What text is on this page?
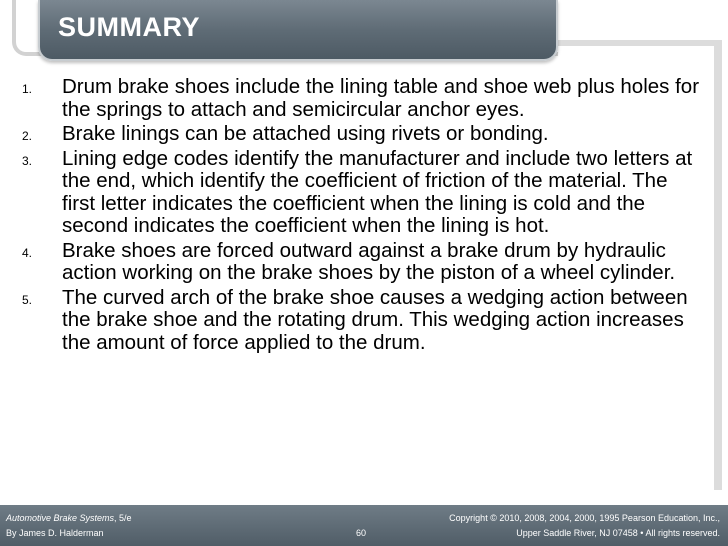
SUMMARY
1. Drum brake shoes include the lining table and shoe web plus holes for the springs to attach and semicircular anchor eyes.
2. Brake linings can be attached using rivets or bonding.
3. Lining edge codes identify the manufacturer and include two letters at the end, which identify the coefficient of friction of the material. The first letter indicates the coefficient when the lining is cold and the second indicates the coefficient when the lining is hot.
4. Brake shoes are forced outward against a brake drum by hydraulic action working on the brake shoes by the piston of a wheel cylinder.
5. The curved arch of the brake shoe causes a wedging action between the brake shoe and the rotating drum. This wedging action increases the amount of force applied to the drum.
Automotive Brake Systems, 5/e
By James D. Halderman	60
Copyright © 2010, 2008, 2004, 2000, 1995 Pearson Education, Inc.,
Upper Saddle River, NJ 07458 • All rights reserved.
